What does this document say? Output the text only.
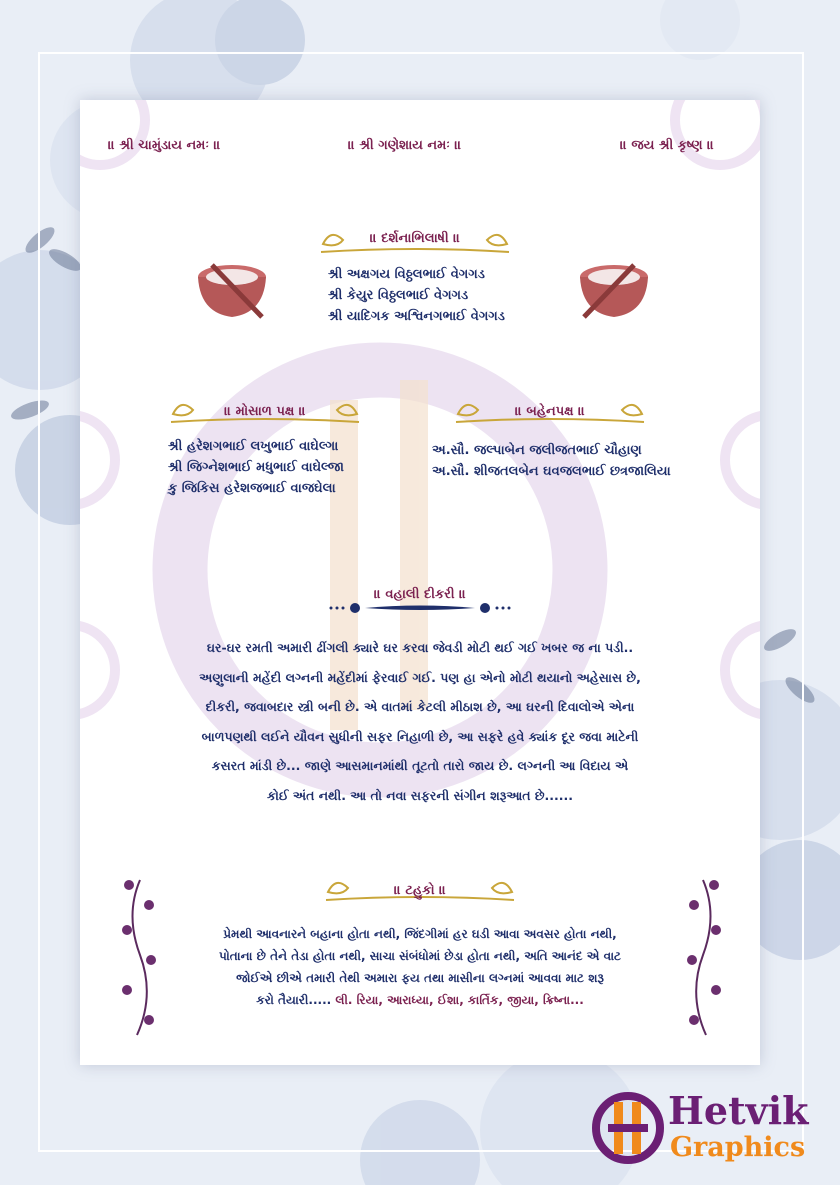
॥ શ્રી ચામુંડાય નમઃ ॥	॥ શ્રી ગણેશાય નમઃ ॥	॥ જય શ્રી કૃષ્ણ ॥
॥ દર્શનાભિલાષી ॥
શ્રી અક્ષગય વિઠ્ઠલભાઈ વેગગડ
શ્રી કેયુર વિઠ્ઠલભાઈ વેગગડ
શ્રી યાદિગક અશ્વિનગભાઈ વેગગડ
॥ મોસાળ પક્ષ ॥
શ્રી હરેશગભાઈ લખુભાઈ વાઘેલ્ગા
શ્રી જિગ્નેશભાઈ મધુભાઈ વાઘેલ્જા
કુ જિકિસ હરેશજભાઈ વાજઘેલા
॥ બહેનપક્ષ ॥
અ.સૌ. જલ્પાબેન જલીજતભાઈ ચૌહાણ
અ.સૌ. શીજતલબેન ઘવજલભાઈ છત્રજાલિયા
॥ વહાલી દીકરી ॥
ઘર-ઘર રમતી અમારી ઢીંગલી ક્યારે ઘર કરવા જેવડી મોટી થઈ ગઈ ખબર જ ના પડી..
અણુલાની મહેંદી લગ્નની મહેંદીમાં ફેરવાઈ ગઈ. પણ હા એનો મોટી થયાનો અહેસાસ છે,
દીકરી, જવાબદાર સ્ત્રી બની છે. એ વાતમાં કેટલી મીઠાશ છે, આ ઘરની દિવાલોએ એના
બાળપણથી લઈને યૌવન સુધીની સફર નિહાળી છે, આ સફરે હવે ક્યાંક દૂર જવા માટેની
કસરત માંડી છે... જાણે આસમાનમાંથી તૂટતો તારો જાય છે. લગ્નની આ વિદાય એ
કોઈ અંત નથી. આ તો નવા સફરની સંગીન શરૂઆત છે......
॥ ટહુકો ॥
પ્રેમથી આવનારને બહાના હોતા નથી, જિંદગીમાં હર ઘડી આવા અવસર હોતા નથી,
પોતાના છે તેને તેડા હોતા નથી, સાચા સંબંધોમાં છેડા હોતા નથી, અતિ આનંદ એ વાટ
જોઈએ છીએ તમારી તેથી અમારા ફય તથા માસીના લગ્નમાં આવવા માટ શરૂ
કરો તૈયારી..... લી. રિયા, આરાધ્યા, ઈશા, કાર્તિક, જીયા, ક્રિષ્ના...
Hetvik
Graphics
